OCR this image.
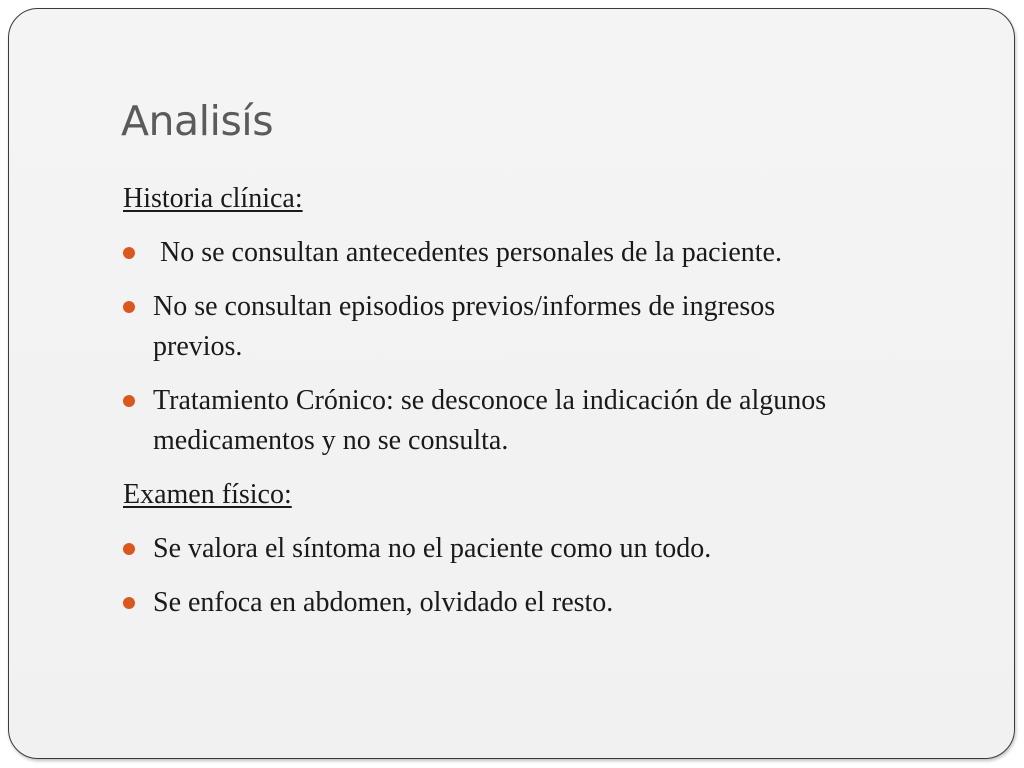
Analisís

Historia clínica:

No se consultan antecedentes personales de la paciente.
No se consultan episodios previos/informes de ingresos
previos.
Tratamiento Crónico: se desconoce la indicación de algunos
medicamentos y no se consulta.

Examen físico:

Se valora el síntoma no el paciente como un todo.
Se enfoca en abdomen, olvidado el resto.
